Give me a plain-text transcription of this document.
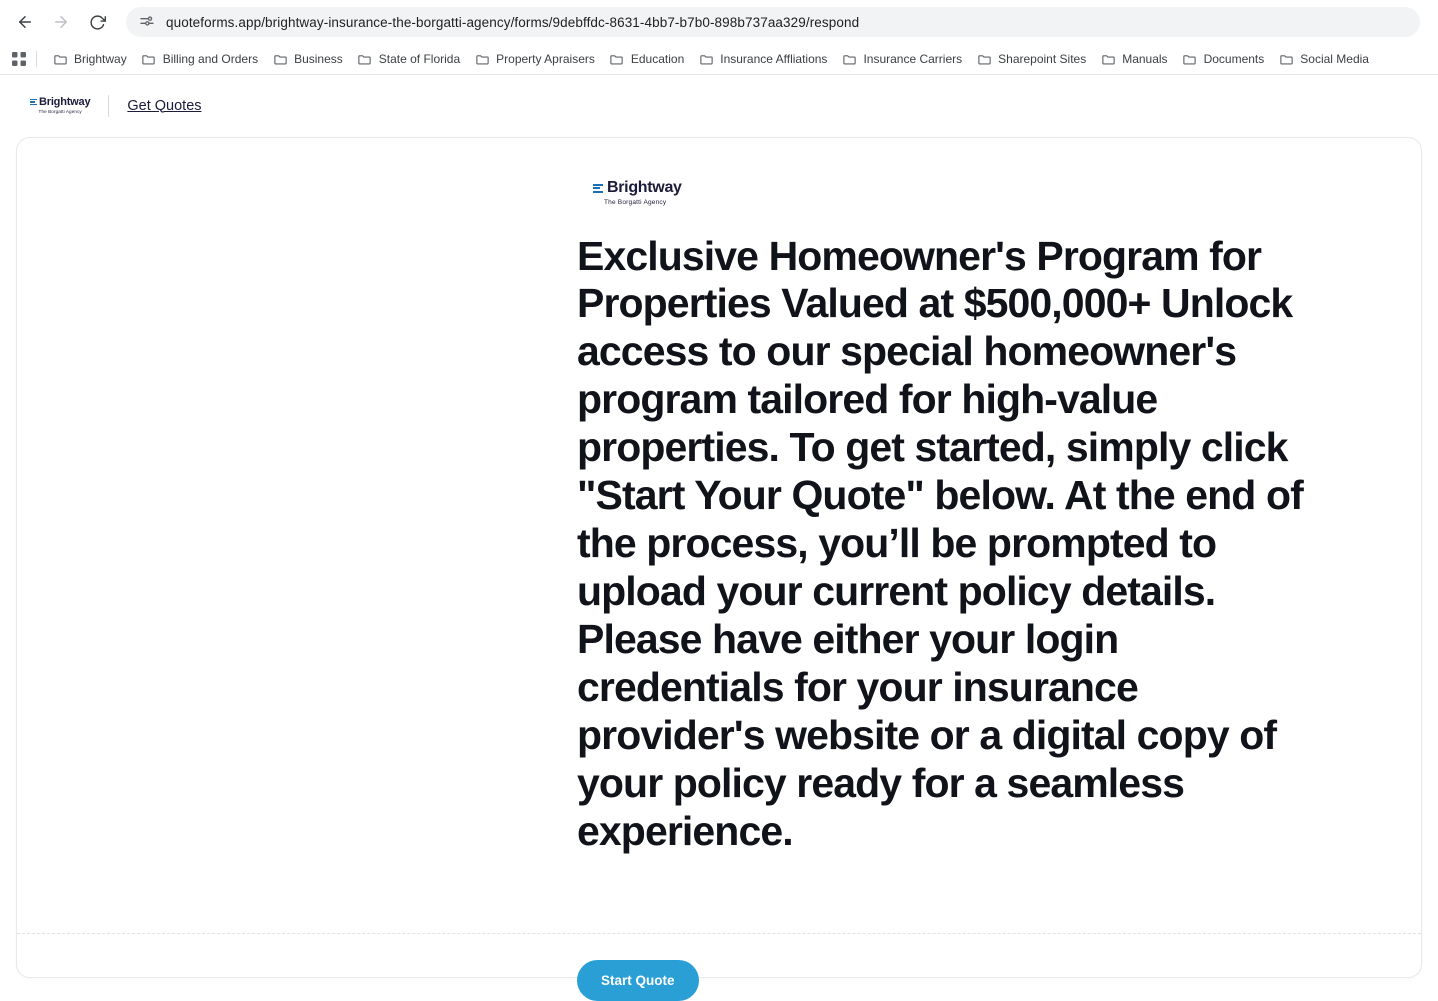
quoteforms.app/brightway-insurance-the-borgatti-agency/forms/9debffdc-8631-4bb7-b7b0-898b737aa329/respond
Brightway	Billing and Orders	Business	State of Florida	Property Apraisers	Education	Insurance Affliations	Insurance Carriers	Sharepoint Sites	Manuals	Documents	Social Media
Brightway
The Borgatti Agency	Get Quotes
Brightway
The Borgatti Agency
Exclusive Homeowner's Program for Properties Valued at $500,000+ Unlock access to our special homeowner's program tailored for high-value properties. To get started, simply click "Start Your Quote" below. At the end of the process, you’ll be prompted to upload your current policy details. Please have either your login credentials for your insurance provider's website or a digital copy of your policy ready for a seamless experience.
Start Quote
